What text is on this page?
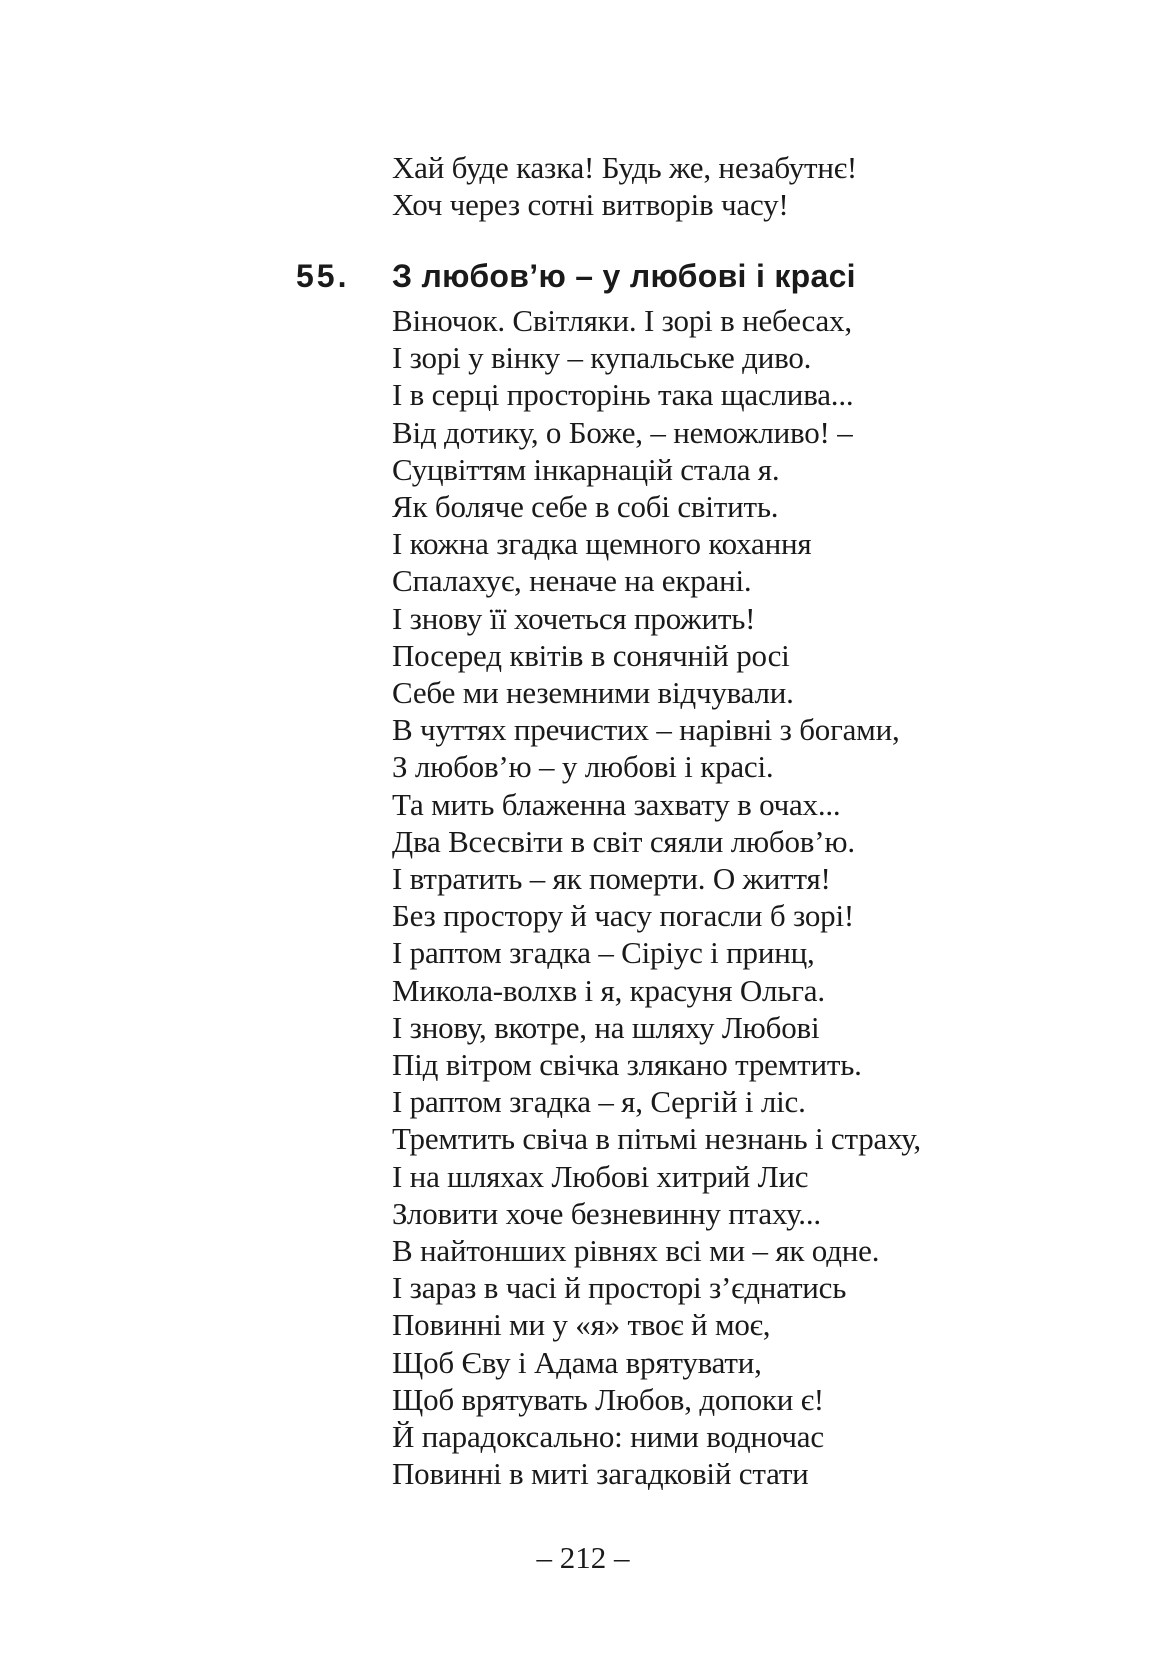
Хай буде казка! Будь же, незабутнє!
Хоч через сотні витворів часу!
55. З любов’ю – у любові і красі
Віночок. Світляки. І зорі в небесах,
І зорі у вінку – купальське диво.
І в серці просторінь така щаслива...
Від дотику, о Боже, – неможливо! –
Суцвіттям інкарнацій стала я.
Як боляче себе в собі світить.
І кожна згадка щемного кохання
Спалахує, неначе на екрані.
І знову її хочеться прожить!
Посеред квітів в сонячній росі
Себе ми неземними відчували.
В чуттях пречистих – нарівні з богами,
З любов’ю – у любові і красі.
Та мить блаженна захвату в очах...
Два Всесвіти в світ сяяли любов’ю.
І втратить – як померти. О життя!
Без простору й часу погасли б зорі!
І раптом згадка – Сіріус і принц,
Микола-волхв і я, красуня Ольга.
І знову, вкотре, на шляху Любові
Під вітром свічка злякано тремтить.
І раптом згадка – я, Сергій і ліс.
Тремтить свіча в пітьмі незнань і страху,
І на шляхах Любові хитрий Лис
Зловити хоче безневинну птаху...
В найтонших рівнях всі ми – як одне.
І зараз в часі й просторі з’єднатись
Повинні ми у «я» твоє й моє,
Щоб Єву і Адама врятувати,
Щоб врятувать Любов, допоки є!
Й парадоксально: ними водночас
Повинні в миті загадковій стати
– 212 –
